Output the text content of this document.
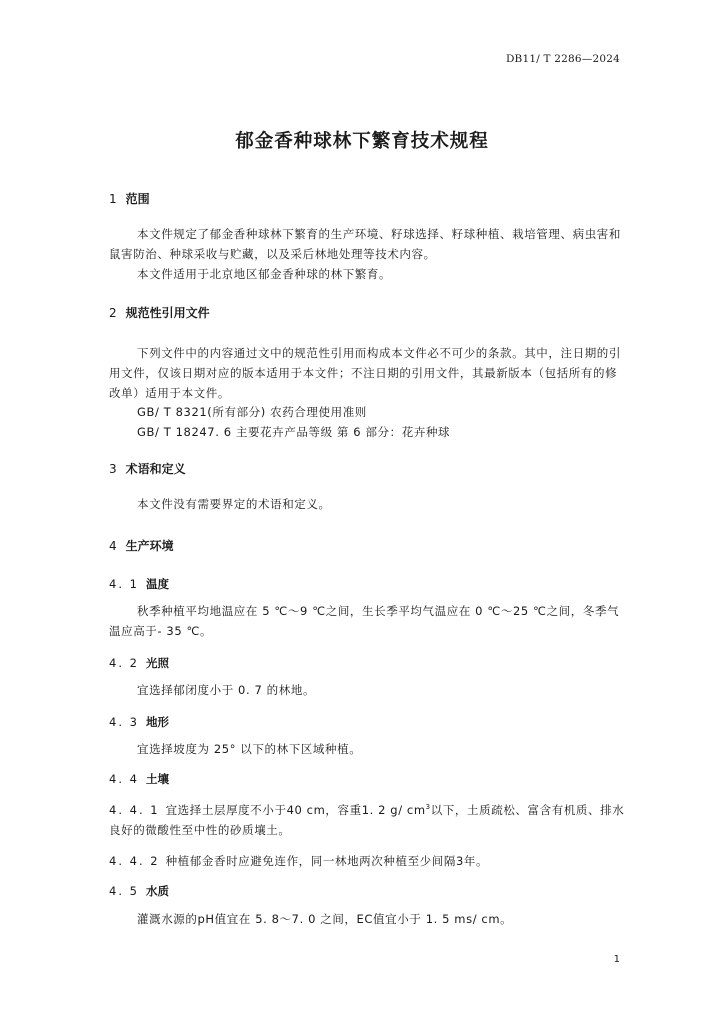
DB11/ T 2286—2024
郁金香种球林下繁育技术规程
1 范围
本文件规定了郁金香种球林下繁育的生产环境、籽球选择、籽球种植、栽培管理、病虫害和鼠害防治、种球采收与贮藏，以及采后林地处理等技术内容。
本文件适用于北京地区郁金香种球的林下繁育。
2 规范性引用文件
下列文件中的内容通过文中的规范性引用而构成本文件必不可少的条款。其中，注日期的引用文件，仅该日期对应的版本适用于本文件；不注日期的引用文件，其最新版本（包括所有的修改单）适用于本文件。
GB/ T 8321(所有部分) 农药合理使用准则
GB/ T 18247. 6 主要花卉产品等级 第 6 部分：花卉种球
3 术语和定义
本文件没有需要界定的术语和定义。
4 生产环境
4. 1 温度
秋季种植平均地温应在 5 ℃～9 ℃之间，生长季平均气温应在 0 ℃～25 ℃之间，冬季气温应高于- 35 ℃。
4. 2 光照
宜选择郁闭度小于 0. 7 的林地。
4. 3 地形
宜选择坡度为 25° 以下的林下区域种植。
4. 4 土壤
4. 4. 1 宜选择土层厚度不小于40 cm，容重1. 2 g/ $cm^3$以下，土质疏松、富含有机质、排水良好的微酸性至中性的砂质壤土。
4. 4. 2 种植郁金香时应避免连作，同一林地两次种植至少间隔3年。
4. 5 水质
灌溉水源的pH值宜在 5. 8～7. 0 之间，EC值宜小于 1. 5 ms/ cm。
1
